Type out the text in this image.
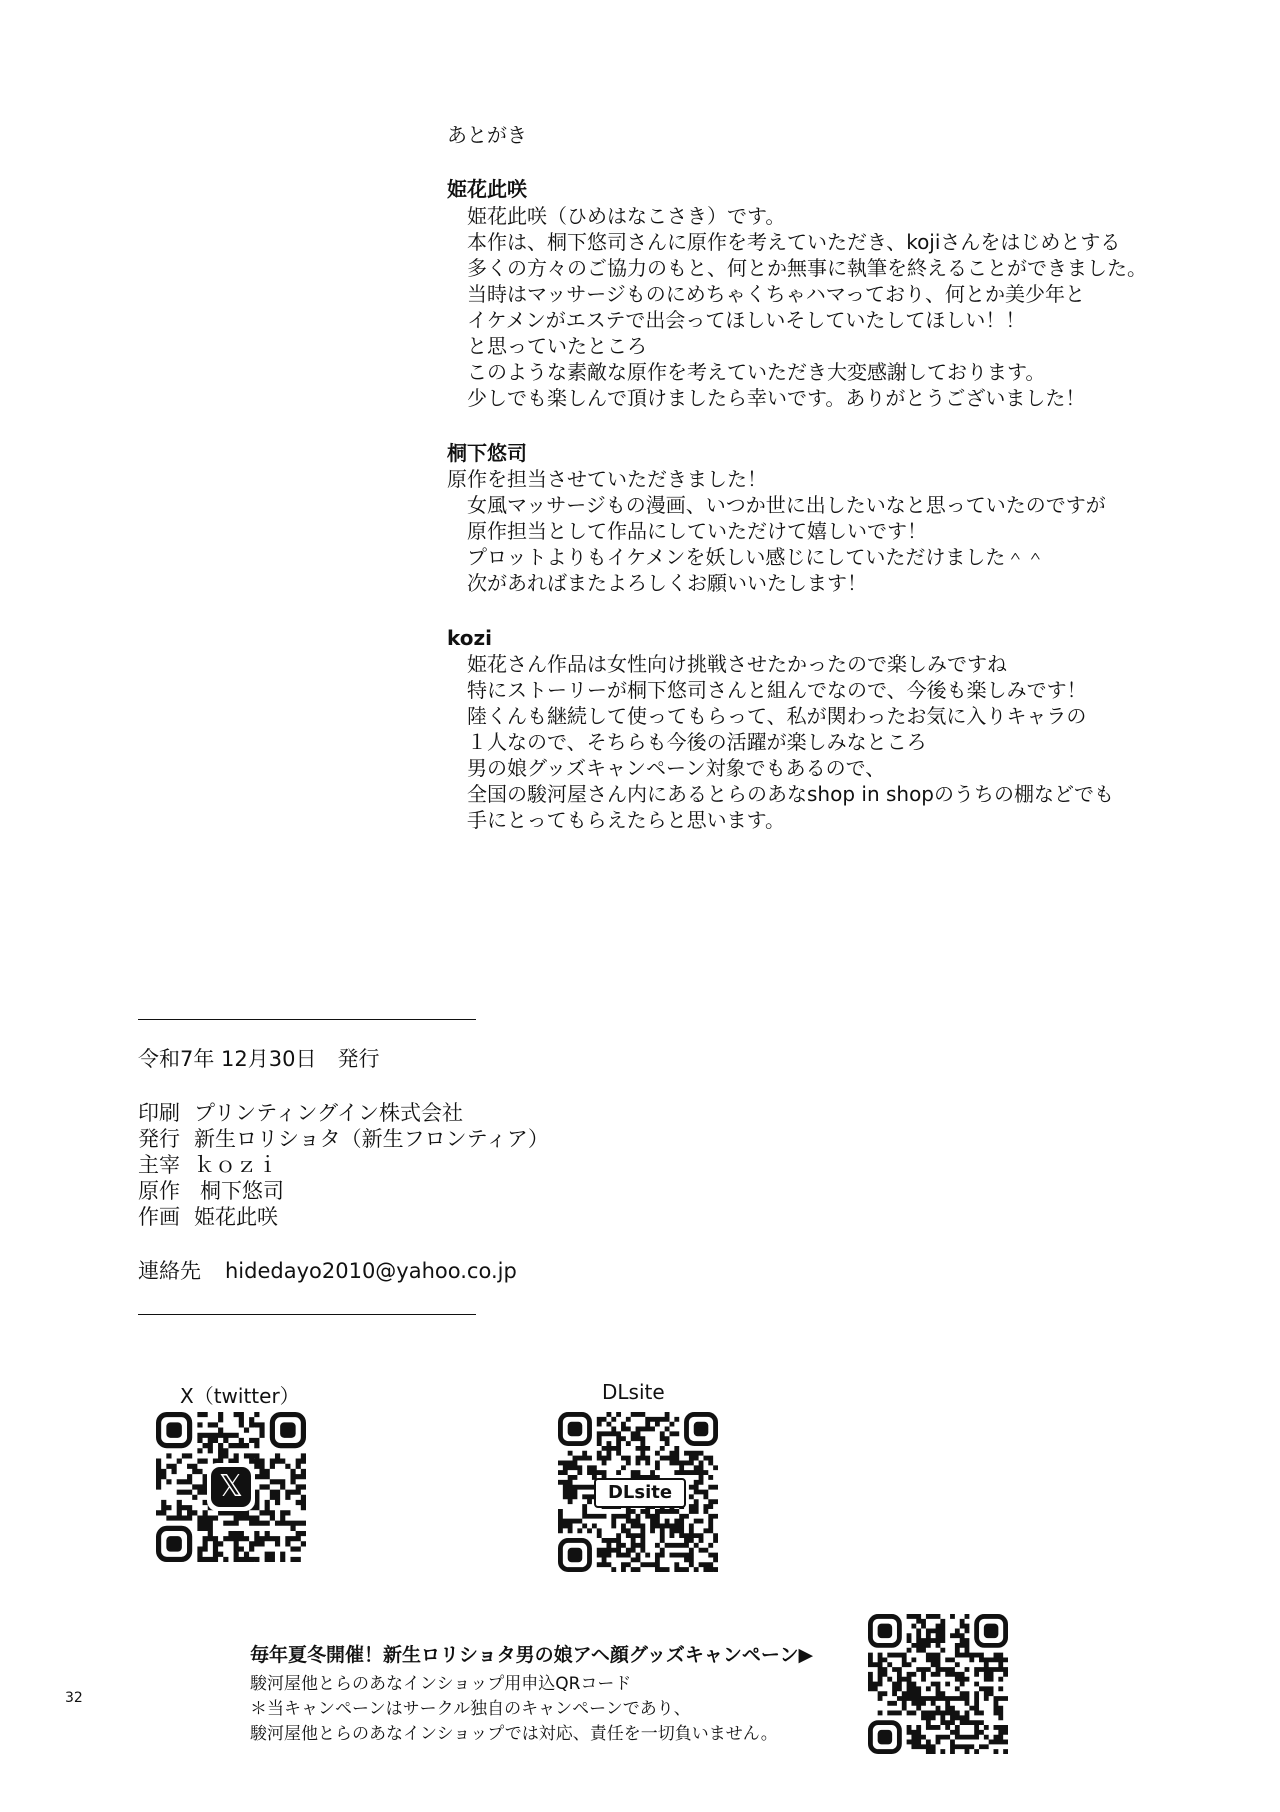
あとがき
姫花此咲
姫花此咲（ひめはなこさき）です。
本作は、桐下悠司さんに原作を考えていただき、kojiさんをはじめとする
多くの方々のご協力のもと、何とか無事に執筆を終えることができました。
当時はマッサージものにめちゃくちゃハマっており、何とか美少年と
イケメンがエステで出会ってほしいそしていたしてほしい！！
と思っていたところ
このような素敵な原作を考えていただき大変感謝しております。
少しでも楽しんで頂けましたら幸いです。ありがとうございました！
桐下悠司
原作を担当させていただきました！
女風マッサージもの漫画、いつか世に出したいなと思っていたのですが
原作担当として作品にしていただけて嬉しいです！
プロットよりもイケメンを妖しい感じにしていただけました＾＾
次があればまたよろしくお願いいたします！
kozi
姫花さん作品は女性向け挑戦させたかったので楽しみですね
特にストーリーが桐下悠司さんと組んでなので、今後も楽しみです！
陸くんも継続して使ってもらって、私が関わったお気に入りキャラの
１人なので、そちらも今後の活躍が楽しみなところ
男の娘グッズキャンペーン対象でもあるので、
全国の駿河屋さん内にあるとらのあなshop in shopのうちの棚などでも
手にとってもらえたらと思います。
令和7年 12月30日　発行
印刷 プリンティングイン株式会社
発行 新生ロリショタ（新生フロンティア）
主宰 ｋｏｚｉ
原作 桐下悠司
作画 姫花此咲
連絡先 hidedayo2010@yahoo.co.jp
X（twitter）
𝕏
DLsite
DLsite
毎年夏冬開催！新生ロリショタ男の娘アヘ顔グッズキャンペーン▶
駿河屋他とらのあなインショップ用申込QRコード
＊当キャンペーンはサークル独自のキャンペーンであり、
駿河屋他とらのあなインショップでは対応、責任を一切負いません。
32
